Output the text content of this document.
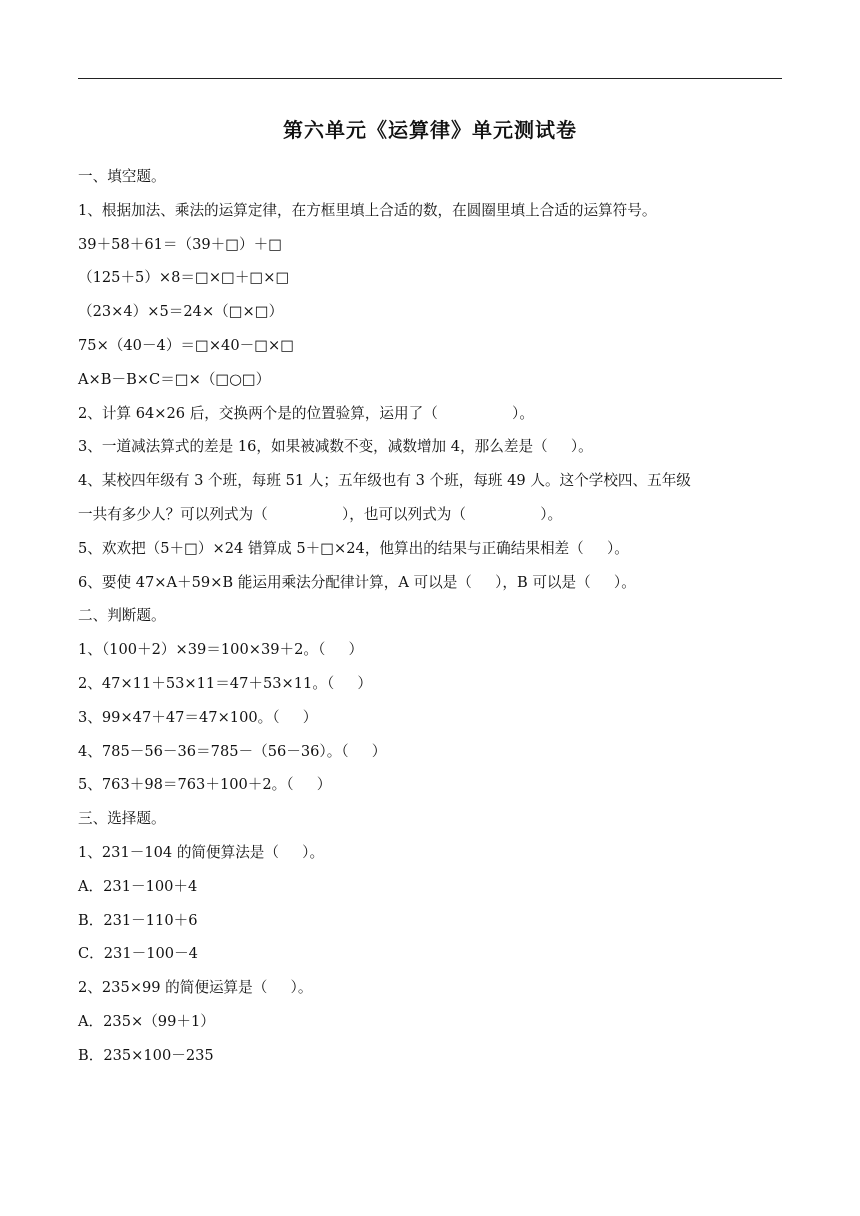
第六单元《运算律》单元测试卷
一、填空题。
1、根据加法、乘法的运算定律，在方框里填上合适的数，在圆圈里填上合适的运算符号。
39＋58＋61＝（39＋□）＋□
（125＋5）×8＝□×□＋□×□
（23×4）×5＝24×（□×□）
75×（40－4）＝□×40－□×□
A×B－B×C＝□×（□○□）
2、计算 64×26 后，交换两个是的位置验算，运用了（                ）。
3、一道减法算式的差是 16，如果被减数不变，减数增加 4，那么差是（     ）。
4、某校四年级有 3 个班，每班 51 人；五年级也有 3 个班，每班 49 人。这个学校四、五年级
一共有多少人？可以列式为（                ），也可以列式为（                ）。
5、欢欢把（5＋□）×24 错算成 5＋□×24，他算出的结果与正确结果相差（     ）。
6、要使 47×A＋59×B 能运用乘法分配律计算，A 可以是（     ），B 可以是（     ）。
二、判断题。
1、（100＋2）×39＝100×39＋2。（     ）
2、47×11＋53×11＝47＋53×11。（     ）
3、99×47＋47＝47×100。（     ）
4、785－56－36＝785－（56－36）。（     ）
5、763＋98＝763＋100＋2。（     ）
三、选择题。
1、231－104 的简便算法是（     ）。
A．231－100＋4
B．231－110＋6
C．231－100－4
2、235×99 的简便运算是（     ）。
A．235×（99＋1）
B．235×100－235
